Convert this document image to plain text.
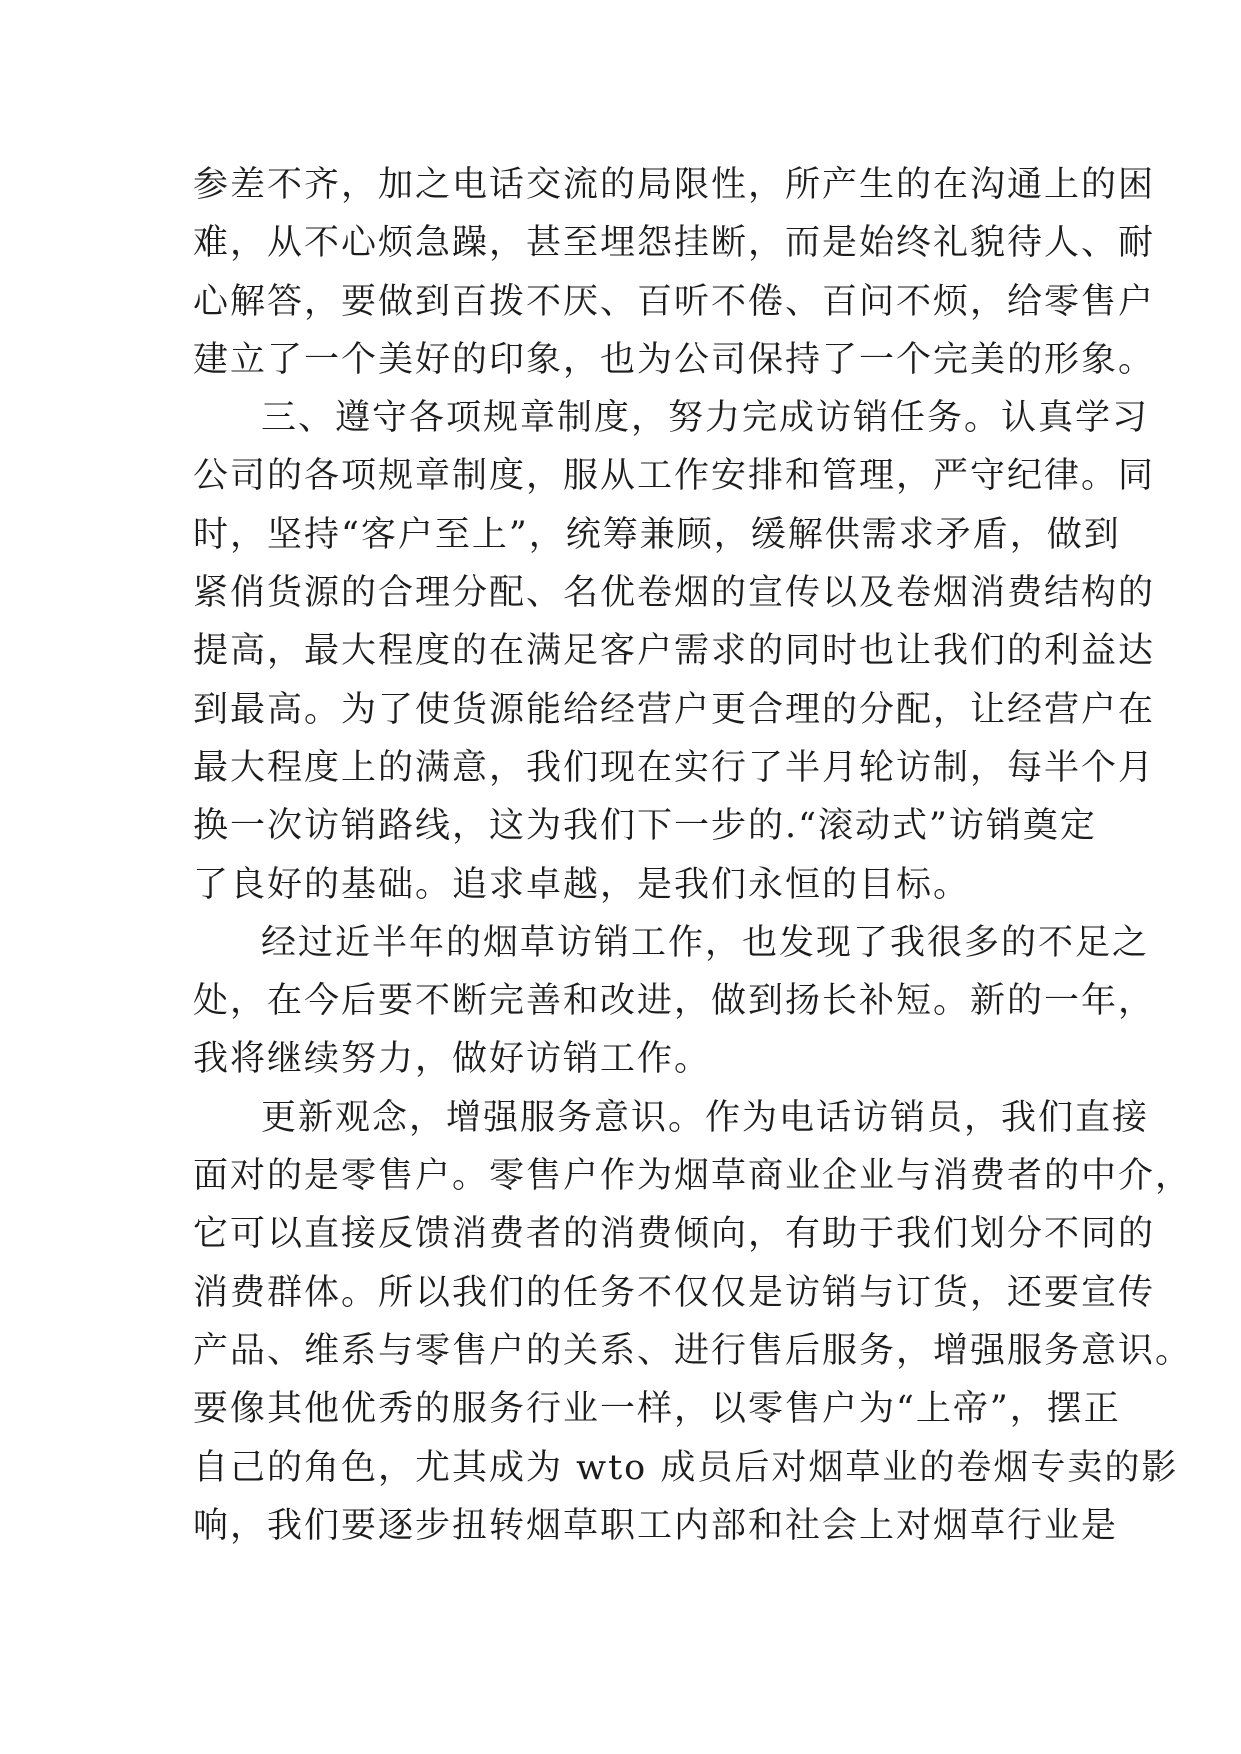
参差不齐，加之电话交流的局限性，所产生的在沟通上的困
难，从不心烦急躁，甚至埋怨挂断，而是始终礼貌待人、耐
心解答，要做到百拨不厌、百听不倦、百问不烦，给零售户
建立了一个美好的印象，也为公司保持了一个完美的形象。
三、遵守各项规章制度，努力完成访销任务。认真学习
公司的各项规章制度，服从工作安排和管理，严守纪律。同
时，坚持“客户至上”，统筹兼顾，缓解供需求矛盾，做到
紧俏货源的合理分配、名优卷烟的宣传以及卷烟消费结构的
提高，最大程度的在满足客户需求的同时也让我们的利益达
到最高。为了使货源能给经营户更合理的分配，让经营户在
最大程度上的满意，我们现在实行了半月轮访制，每半个月
换一次访销路线，这为我们下一步的.“滚动式”访销奠定
了良好的基础。追求卓越，是我们永恒的目标。
经过近半年的烟草访销工作，也发现了我很多的不足之
处，在今后要不断完善和改进，做到扬长补短。新的一年，
我将继续努力，做好访销工作。
更新观念，增强服务意识。作为电话访销员，我们直接
面对的是零售户。零售户作为烟草商业企业与消费者的中介，
它可以直接反馈消费者的消费倾向，有助于我们划分不同的
消费群体。所以我们的任务不仅仅是访销与订货，还要宣传
产品、维系与零售户的关系、进行售后服务，增强服务意识。
要像其他优秀的服务行业一样，以零售户为“上帝”，摆正
自己的角色，尤其成为 wto 成员后对烟草业的卷烟专卖的影
响，我们要逐步扭转烟草职工内部和社会上对烟草行业是
